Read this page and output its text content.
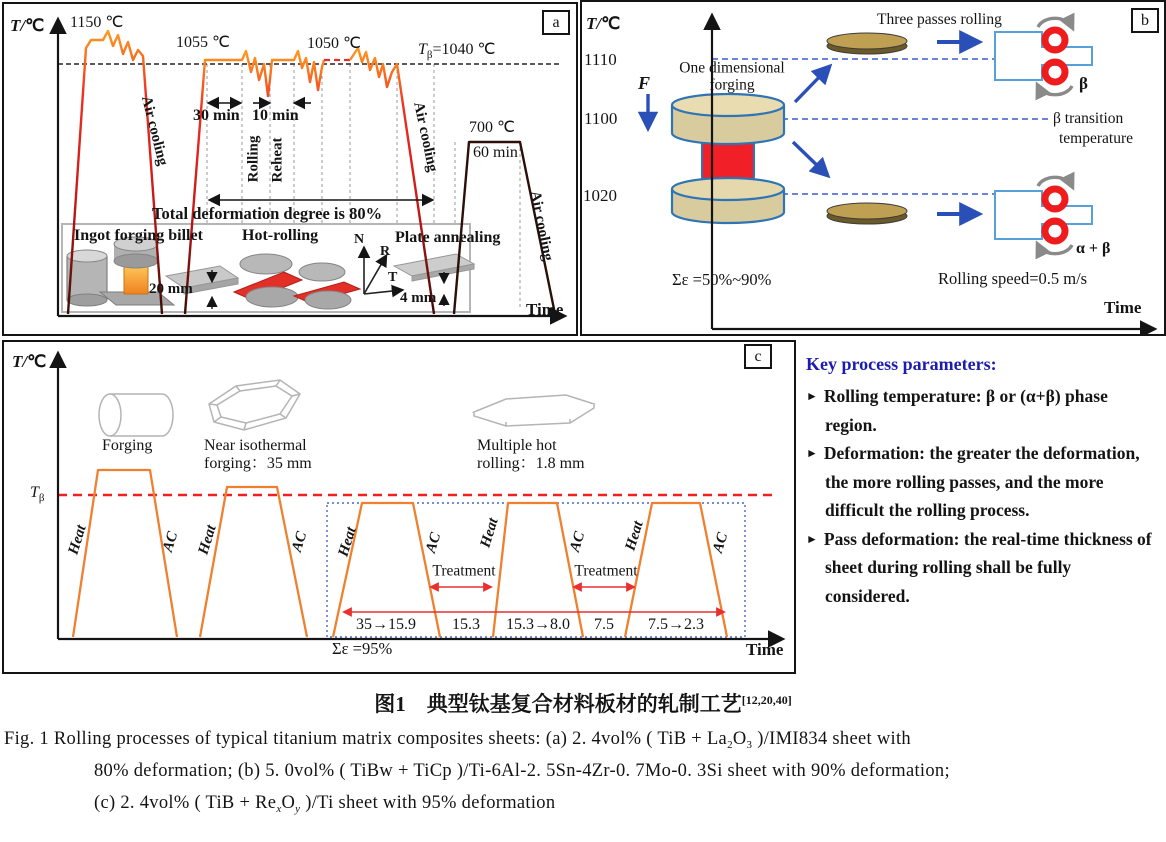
T/℃ 1150 ℃
1055 ℃	1050 ℃	$T_\beta=1040$ ℃
Air cooling	Air cooling
Air cooling
30 min 10 min
Rolling Reheat
Total deformation degree is 80%
700 ℃
60 min
Ingot forging billet Hot-rolling	Plate annealing
N
R
T
20 mm
4 mm
Time
a	T/℃
1110
1100
1020
F
One dimensional
forging
Three passes rolling
β
β transition
temperature
α + β
Σε =50%~90%	Rolling speed=0.5 m/s
Time
b
T/℃
$T_\beta$
Forging	Near isothermal
forging：35 mm
Multiple hot
rolling：1.8 mm
Heat	AC Heat	AC Heat	AC Heat	AC Heat	AC
Treatment	Treatment
35→15.9 15.3 15.3→8.0 7.5 7.5→2.3
Σε =95%	Time
c	Key process parameters:

► Rolling temperature: β or (α+β) phase region.

► Deformation: the greater the deformation, the more rolling passes, and the more difficult the rolling process.

► Pass deformation: the real-time thickness of sheet during rolling shall be fully considered.

图1　典型钛基复合材料板材的轧制工艺[12,20,40]
Fig. 1 Rolling processes of typical titanium matrix composites sheets: (a) 2. 4vol% ( TiB + $La_2O_3$ )/IMI834 sheet with
80% deformation; (b) 5. 0vol% ( TiBw + TiCp )/Ti-6Al-2. 5Sn-4Zr-0. 7Mo-0. 3Si sheet with 90% deformation;
(c) 2. 4vol% ( TiB + $Re_xO_y$ )/Ti sheet with 95% deformation
